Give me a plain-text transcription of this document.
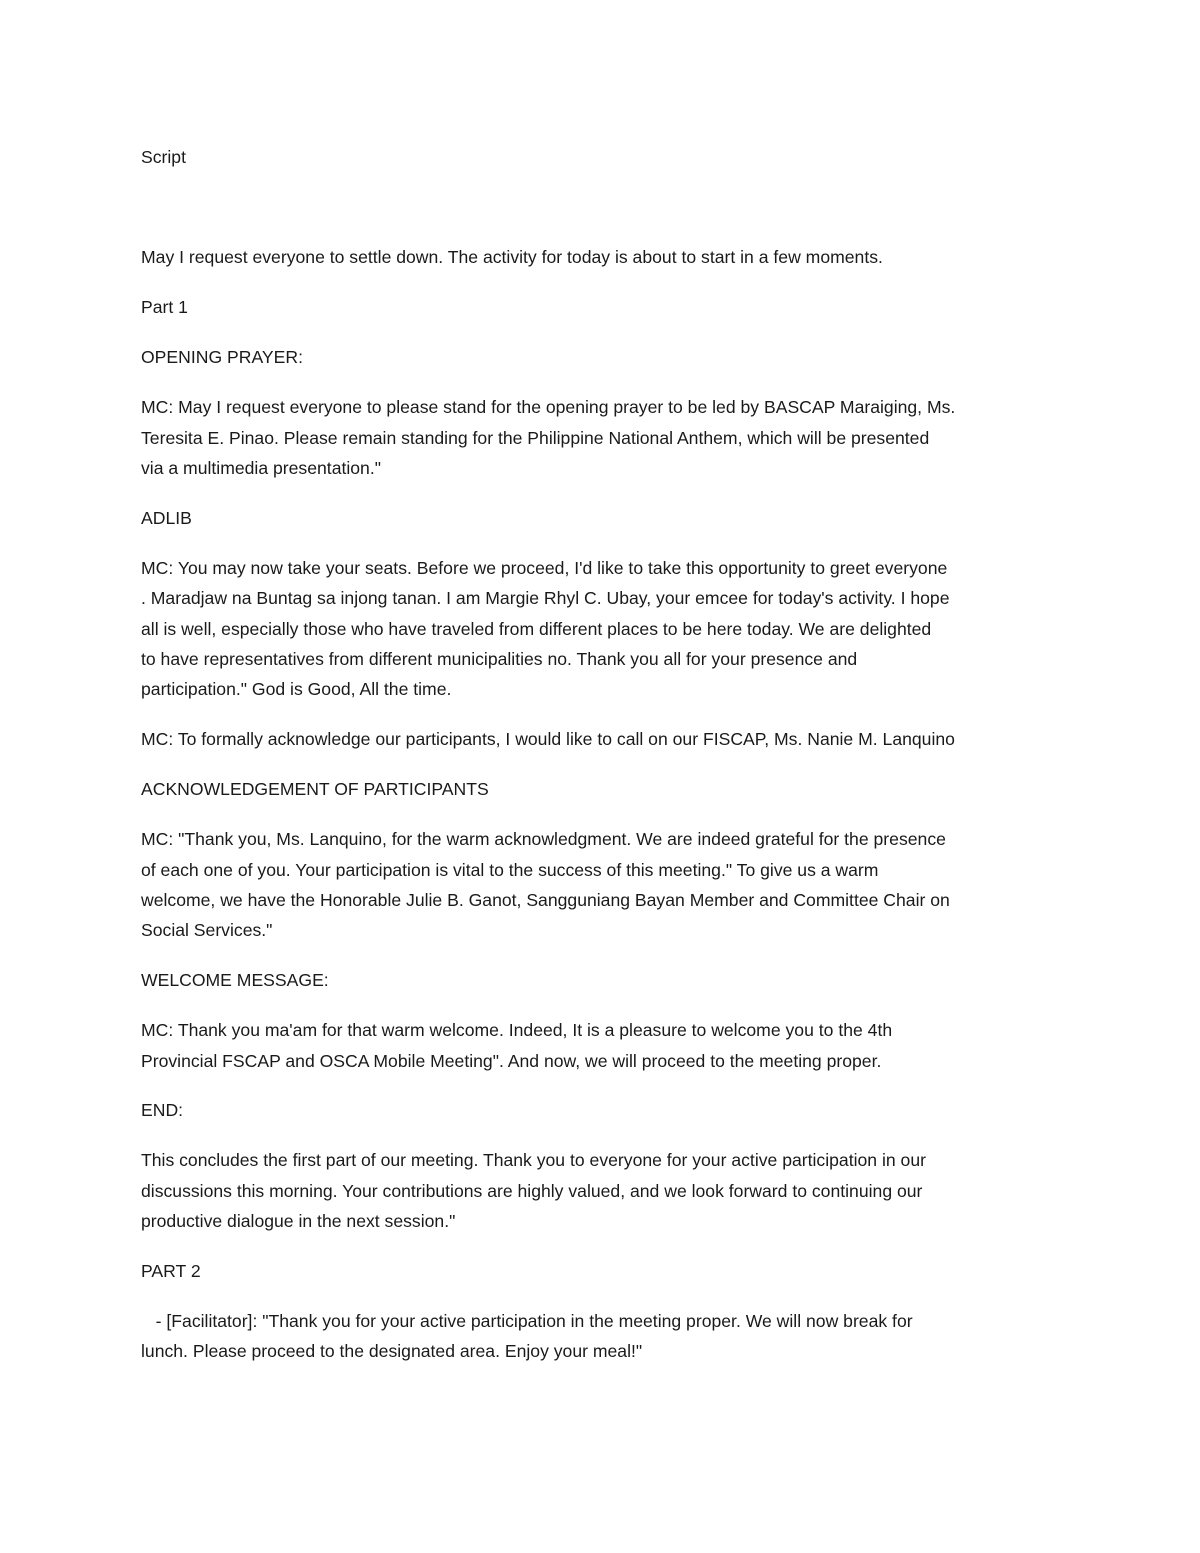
Script

May I request everyone to settle down. The activity for today is about to start in a few moments.

Part 1

OPENING PRAYER:

MC: May I request everyone to please stand for the opening prayer to be led by BASCAP Maraiging, Ms.
Teresita E. Pinao. Please remain standing for the Philippine National Anthem, which will be presented
via a multimedia presentation."

ADLIB

MC: You may now take your seats. Before we proceed, I'd like to take this opportunity to greet everyone
. Maradjaw na Buntag sa injong tanan. I am Margie Rhyl C. Ubay, your emcee for today's activity. I hope
all is well, especially those who have traveled from different places to be here today. We are delighted
to have representatives from different municipalities no. Thank you all for your presence and
participation." God is Good, All the time.

MC: To formally acknowledge our participants, I would like to call on our FISCAP, Ms. Nanie M. Lanquino

ACKNOWLEDGEMENT OF PARTICIPANTS

MC: "Thank you, Ms. Lanquino, for the warm acknowledgment. We are indeed grateful for the presence
of each one of you. Your participation is vital to the success of this meeting." To give us a warm
welcome, we have the Honorable Julie B. Ganot, Sangguniang Bayan Member and Committee Chair on
Social Services."

WELCOME MESSAGE:

MC: Thank you ma'am for that warm welcome. Indeed, It is a pleasure to welcome you to the 4th
Provincial FSCAP and OSCA Mobile Meeting". And now, we will proceed to the meeting proper.

END:

This concludes the first part of our meeting. Thank you to everyone for your active participation in our
discussions this morning. Your contributions are highly valued, and we look forward to continuing our
productive dialogue in the next session."

PART 2

- [Facilitator]: "Thank you for your active participation in the meeting proper. We will now break for
lunch. Please proceed to the designated area. Enjoy your meal!"
